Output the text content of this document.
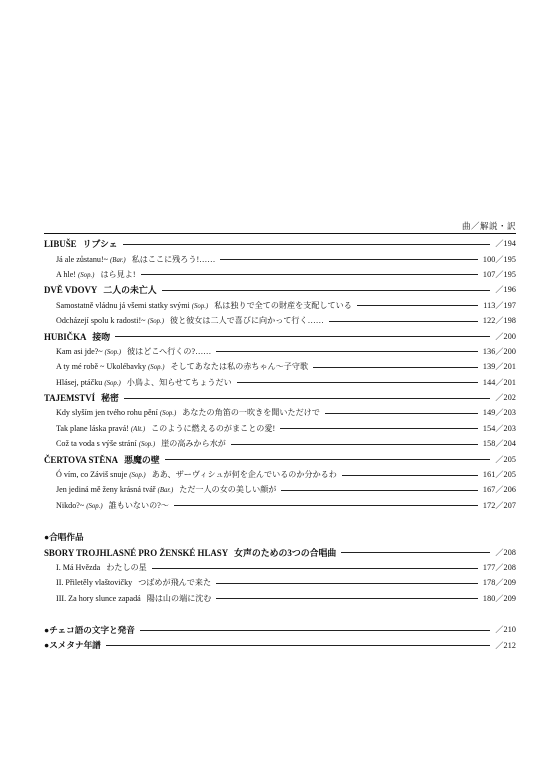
曲／解説・訳
LIBUŠE リブシェ	／194
Já ale zůstanu!~ (Bar.) 私はここに残ろう!……	100／195
A hle! (Sop.) はら見よ!	107／195
DVĚ VDOVY 二人の未亡人	／196
Samostatně vládnu já všemi statky svými (Sop.) 私は独りで全ての財産を支配している	113／197
Odcházejí spolu k radosti!~ (Sop.) 彼と彼女は二人で喜びに向かって行く……	122／198
HUBIČKA 接吻	／200
Kam asi jde?~ (Sop.) 彼はどこへ行くの?……	136／200
A ty mé robě ~ Ukolébavky (Sop.) そしてあなたは私の赤ちゃん〜子守歌	139／201
Hlásej, ptáčku (Sop.) 小鳥よ、知らせてちょうだい	144／201
TAJEMSTVÍ 秘密	／202
Kdy slyším jen tvého rohu pění (Sop.) あなたの角笛の一吹きを聞いただけで	149／203
Tak plane láska pravá! (Alt.) このように燃えるのがまことの愛!	154／203
Což ta voda s výše strání (Sop.) 崖の高みから水が	158／204
ČERTOVA STĚNA 悪魔の壁	／205
Ó vím, co Záviš snuje (Sop.) ああ、ザーヴィシュが何を企んでいるのか分かるわ	161／205
Jen jediná mě ženy krásná tvář (Bar.) ただ一人の女の美しい顔が	167／206
Nikdo?~ (Sop.) 誰もいないの?〜	172／207
●合唱作品
SBORY TROJHLASNÉ PRO ŽENSKÉ HLASY 女声のための3つの合唱曲	／208
I. Má Hvězda わたしの星	177／208
II. Přiletěly vlaštovičky つばめが飛んで来た	178／209
III. Za hory slunce zapadá 陽は山の端に沈む	180／209
●チェコ語の文字と発音	／210
●スメタナ年譜	／212
